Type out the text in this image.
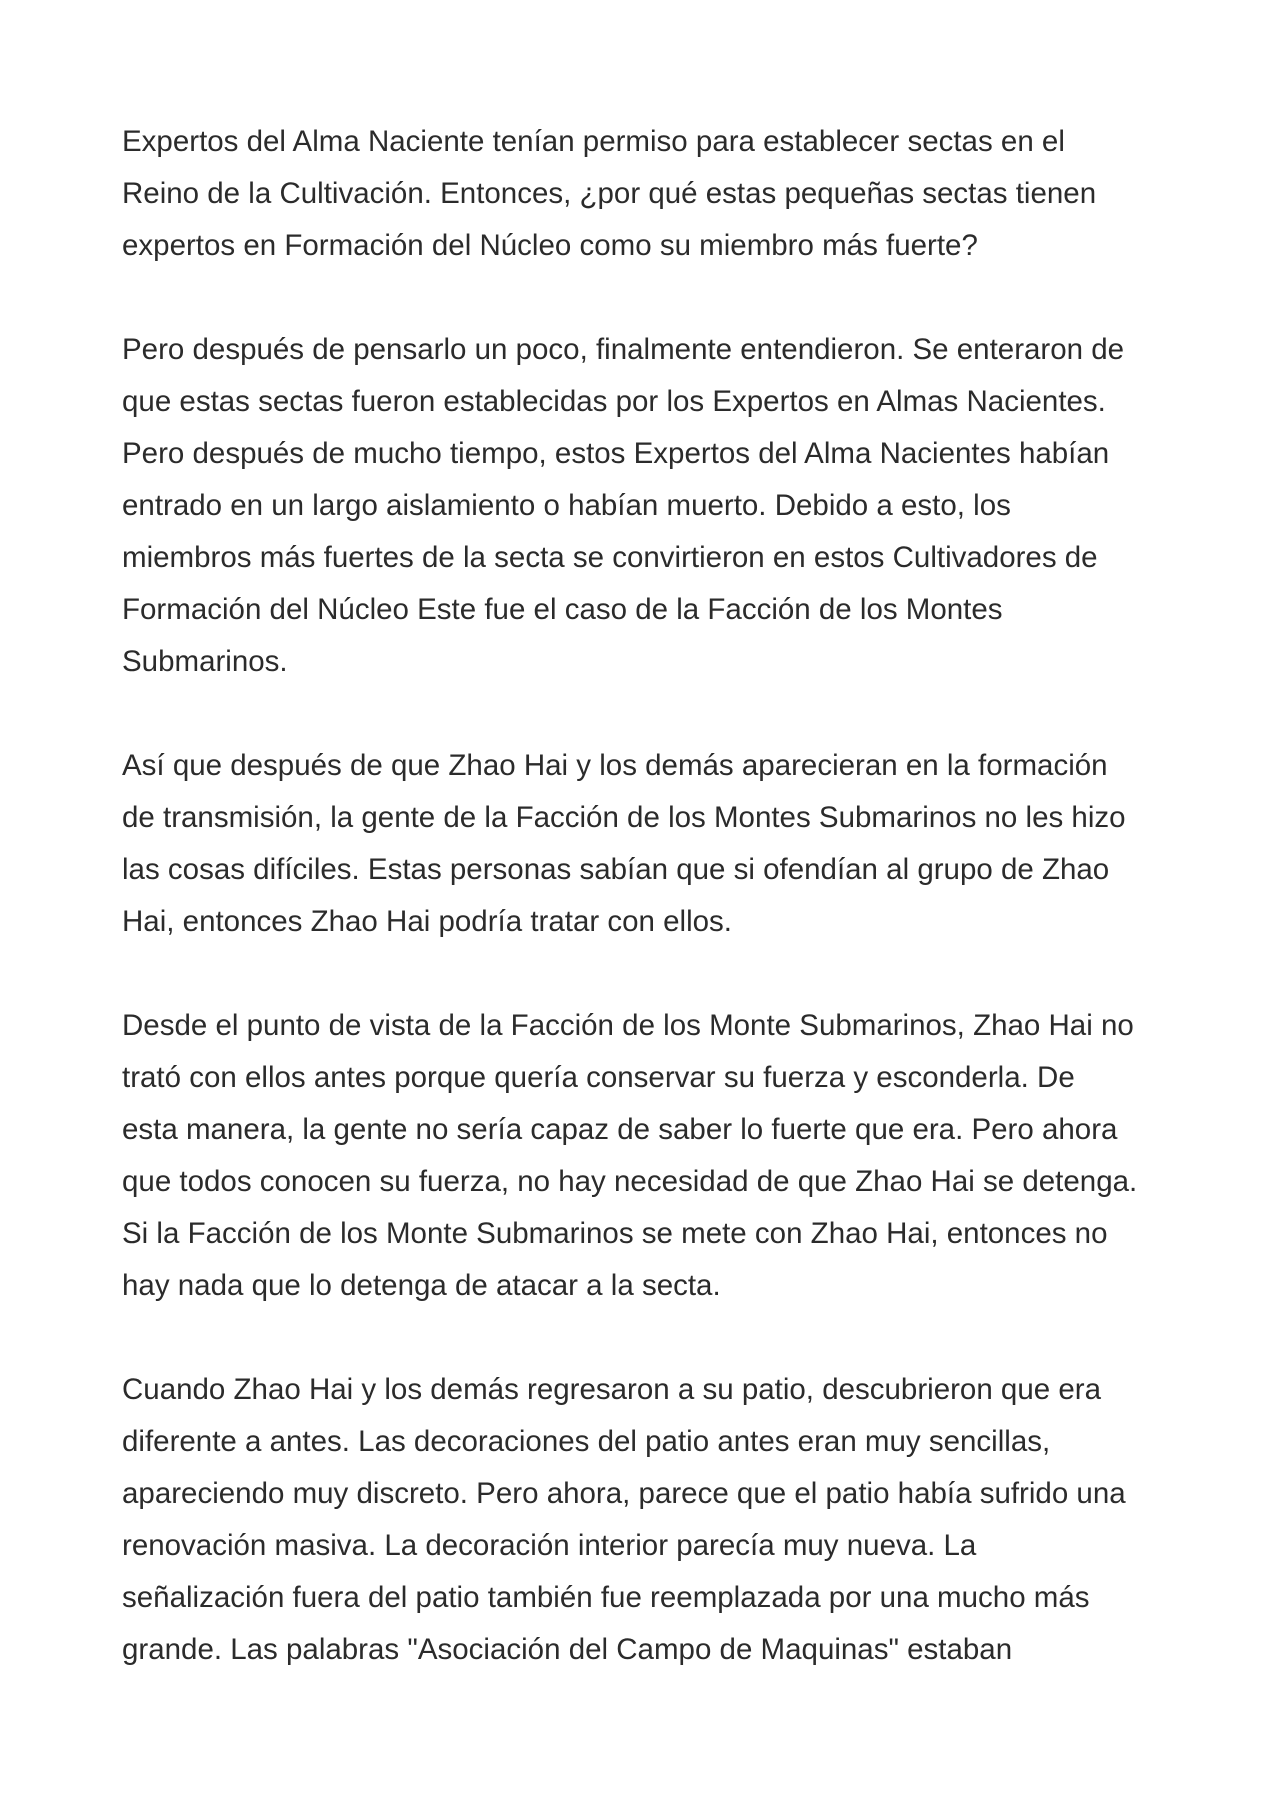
Expertos del Alma Naciente tenían permiso para establecer sectas en el
Reino de la Cultivación. Entonces, ¿por qué estas pequeñas sectas tienen
expertos en Formación del Núcleo como su miembro más fuerte?
Pero después de pensarlo un poco, finalmente entendieron. Se enteraron de
que estas sectas fueron establecidas por los Expertos en Almas Nacientes.
Pero después de mucho tiempo, estos Expertos del Alma Nacientes habían
entrado en un largo aislamiento o habían muerto. Debido a esto, los
miembros más fuertes de la secta se convirtieron en estos Cultivadores de
Formación del Núcleo Este fue el caso de la Facción de los Montes
Submarinos.
Así que después de que Zhao Hai y los demás aparecieran en la formación
de transmisión, la gente de la Facción de los Montes Submarinos no les hizo
las cosas difíciles. Estas personas sabían que si ofendían al grupo de Zhao
Hai, entonces Zhao Hai podría tratar con ellos.
Desde el punto de vista de la Facción de los Monte Submarinos, Zhao Hai no
trató con ellos antes porque quería conservar su fuerza y esconderla. De
esta manera, la gente no sería capaz de saber lo fuerte que era. Pero ahora
que todos conocen su fuerza, no hay necesidad de que Zhao Hai se detenga.
Si la Facción de los Monte Submarinos se mete con Zhao Hai, entonces no
hay nada que lo detenga de atacar a la secta.
Cuando Zhao Hai y los demás regresaron a su patio, descubrieron que era
diferente a antes. Las decoraciones del patio antes eran muy sencillas,
apareciendo muy discreto. Pero ahora, parece que el patio había sufrido una
renovación masiva. La decoración interior parecía muy nueva. La
señalización fuera del patio también fue reemplazada por una mucho más
grande. Las palabras "Asociación del Campo de Maquinas" estaban
